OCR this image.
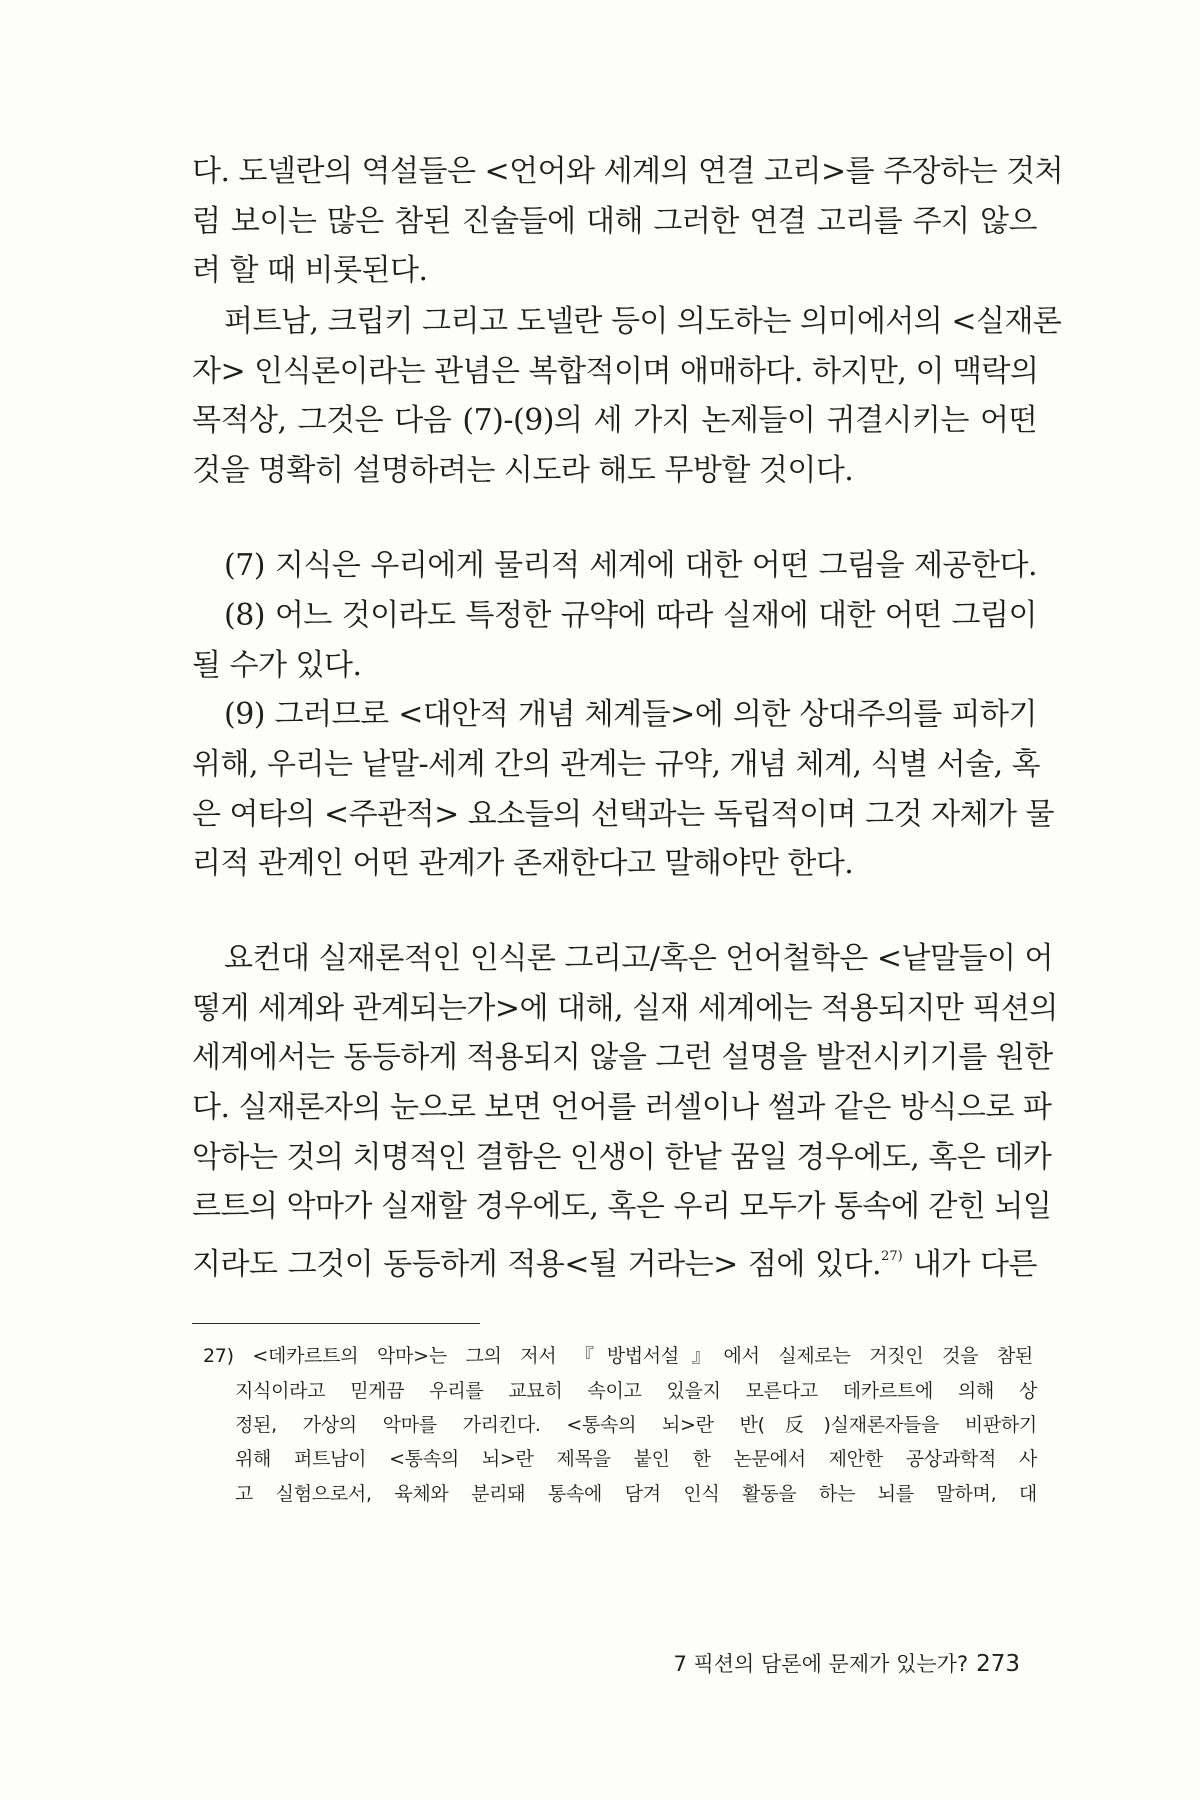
다. 도넬란의 역설들은 <언어와 세계의 연결 고리>를 주장하는 것처

럼 보이는 많은 참된 진술들에 대해 그러한 연결 고리를 주지 않으

려 할 때 비롯된다.

퍼트남, 크립키 그리고 도넬란 등이 의도하는 의미에서의 <실재론

자> 인식론이라는 관념은 복합적이며 애매하다. 하지만, 이 맥락의

목적상, 그것은 다음 (7)-(9)의 세 가지 논제들이 귀결시키는 어떤

것을 명확히 설명하려는 시도라 해도 무방할 것이다.

(7) 지식은 우리에게 물리적 세계에 대한 어떤 그림을 제공한다.

(8) 어느 것이라도 특정한 규약에 따라 실재에 대한 어떤 그림이

될 수가 있다.

(9) 그러므로 <대안적 개념 체계들>에 의한 상대주의를 피하기

위해, 우리는 낱말-세계 간의 관계는 규약, 개념 체계, 식별 서술, 혹

은 여타의 <주관적> 요소들의 선택과는 독립적이며 그것 자체가 물

리적 관계인 어떤 관계가 존재한다고 말해야만 한다.

요컨대 실재론적인 인식론 그리고/혹은 언어철학은 <낱말들이 어

떻게 세계와 관계되는가>에 대해, 실재 세계에는 적용되지만 픽션의

세계에서는 동등하게 적용되지 않을 그런 설명을 발전시키기를 원한

다. 실재론자의 눈으로 보면 언어를 러셀이나 썰과 같은 방식으로 파

악하는 것의 치명적인 결함은 인생이 한낱 꿈일 경우에도, 혹은 데카

르트의 악마가 실재할 경우에도, 혹은 우리 모두가 통속에 갇힌 뇌일

지라도 그것이 동등하게 적용<될 거라는> 점에 있다.$^{27)}$ 내가 다른

27) <데카르트의 악마>는 그의 저서 『방법서설』에서 실제로는 거짓인 것을 참된

지식이라고 믿게끔 우리를 교묘히 속이고 있을지 모른다고 데카르트에 의해 상

정된, 가상의 악마를 가리킨다. <통속의 뇌>란 반(反)실재론자들을 비판하기

위해 퍼트남이 <통속의 뇌>란 제목을 붙인 한 논문에서 제안한 공상과학적 사

고 실험으로서, 육체와 분리돼 통속에 담겨 인식 활동을 하는 뇌를 말하며, 대

7 픽션의 담론에 문제가 있는가? 273
